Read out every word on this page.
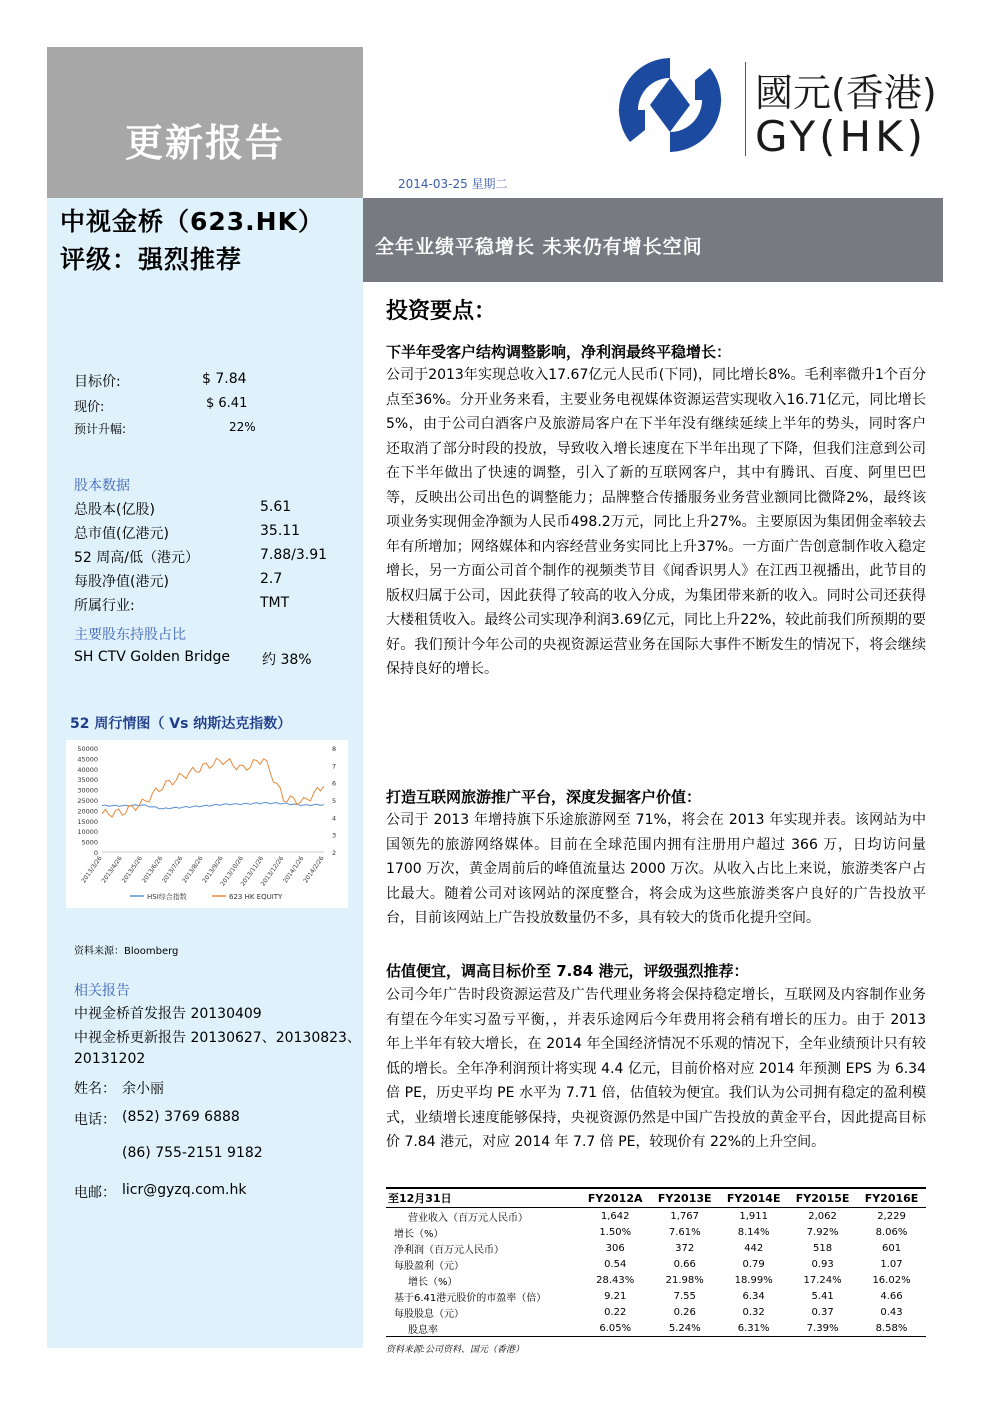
更新报告
國元(香港)
GY(HK)
2014-03-25 星期二
全年业绩平稳增长 未来仍有增长空间
中视金桥（623.HK）
评级：强烈推荐
目标价:	$ 7.84
现价:	$ 6.41
预计升幅:	22%
股本数据
总股本(亿股)	5.61
总市值(亿港元)	35.11
52 周高/低（港元）	7.88/3.91
每股净值(港元)	2.7
所属行业:	TMT
主要股东持股占比
SH CTV Golden Bridge 约 38%
52 周行情图（ Vs 纳斯达克指数）
50000
45000
40000
35000
30000
25000
20000
15000
10000
5000
0
8
7
6
5
4
3
2
2013/3/26
2013/4/26
2013/5/26
2013/6/26
2013/7/26
2013/8/26
2013/9/26
2013/10/26
2013/11/26
2013/12/26
2014/1/26
2014/2/26
HSI综合指数	623 HK EQUITY
资料来源：Bloomberg
相关报告
中视金桥首发报告 20130409
中视金桥更新报告 20130627、20130823、
20131202
姓名： 余小丽
电话： (852) 3769 6888
(86) 755-2151 9182
电邮： licr@gyzq.com.hk
投资要点：
下半年受客户结构调整影响，净利润最终平稳增长：
公司于2013年实现总收入17.67亿元人民币(下同)，同比增长8%。毛利率微升1个百分点至36%。分开业务来看，主要业务电视媒体资源运营实现收入16.71亿元，同比增长5%，由于公司白酒客户及旅游局客户在下半年没有继续延续上半年的势头，同时客户还取消了部分时段的投放，导致收入增长速度在下半年出现了下降，但我们注意到公司在下半年做出了快速的调整，引入了新的互联网客户，其中有腾讯、百度、阿里巴巴等，反映出公司出色的调整能力；品牌整合传播服务业务营业额同比微降2%，最终该项业务实现佣金净额为人民币498.2万元，同比上升27%。主要原因为集团佣金率较去年有所增加；网络媒体和内容经营业务实同比上升37%。一方面广告创意制作收入稳定增长，另一方面公司首个制作的视频类节目《闻香识男人》在江西卫视播出，此节目的版权归属于公司，因此获得了较高的收入分成，为集团带来新的收入。同时公司还获得大楼租赁收入。最终公司实现净利润3.69亿元，同比上升22%，较此前我们所预期的要好。我们预计今年公司的央视资源运营业务在国际大事件不断发生的情况下，将会继续保持良好的增长。
打造互联网旅游推广平台，深度发掘客户价值：
公司于 2013 年增持旗下乐途旅游网至 71%，将会在 2013 年实现并表。该网站为中国领先的旅游网络媒体。目前在全球范围内拥有注册用户超过 366 万，日均访问量 1700 万次，黄金周前后的峰值流量达 2000 万次。从收入占比上来说，旅游类客户占比最大。随着公司对该网站的深度整合，将会成为这些旅游类客户良好的广告投放平台，目前该网站上广告投放数量仍不多，具有较大的货币化提升空间。
估值便宜，调高目标价至 7.84 港元，评级强烈推荐：
公司今年广告时段资源运营及广告代理业务将会保持稳定增长，互联网及内容制作业务有望在今年实习盈亏平衡，，并表乐途网后今年费用将会稍有增长的压力。由于 2013 年上半年有较大增长，在 2014 年全国经济情况不乐观的情况下，全年业绩预计只有较低的增长。全年净利润预计将实现 4.4 亿元，目前价格对应 2014 年预测 EPS 为 6.34 倍 PE，历史平均 PE 水平为 7.71 倍，估值较为便宜。我们认为公司拥有稳定的盈利模式，业绩增长速度能够保持，央视资源仍然是中国广告投放的黄金平台，因此提高目标价 7.84 港元，对应 2014 年 7.7 倍 PE，较现价有 22%的上升空间。
至12月31日	FY2012A	FY2013E	FY2014E	FY2015E	FY2016E
营业收入（百万元人民币）	1,642	1,767	1,911	2,062	2,229
增长（%）	1.50%	7.61%	8.14%	7.92%	8.06%
净利润（百万元人民币）	306	372	442	518	601
每股盈利（元）	0.54	0.66	0.79	0.93	1.07
增长（%）	28.43%	21.98%	18.99%	17.24%	16.02%
基于6.41港元股价的市盈率（倍）	9.21	7.55	6.34	5.41	4.66
每股股息（元）	0.22	0.26	0.32	0.37	0.43
股息率	6.05%	5.24%	6.31%	7.39%	8.58%
资料来源:公司资料、国元（香港）
